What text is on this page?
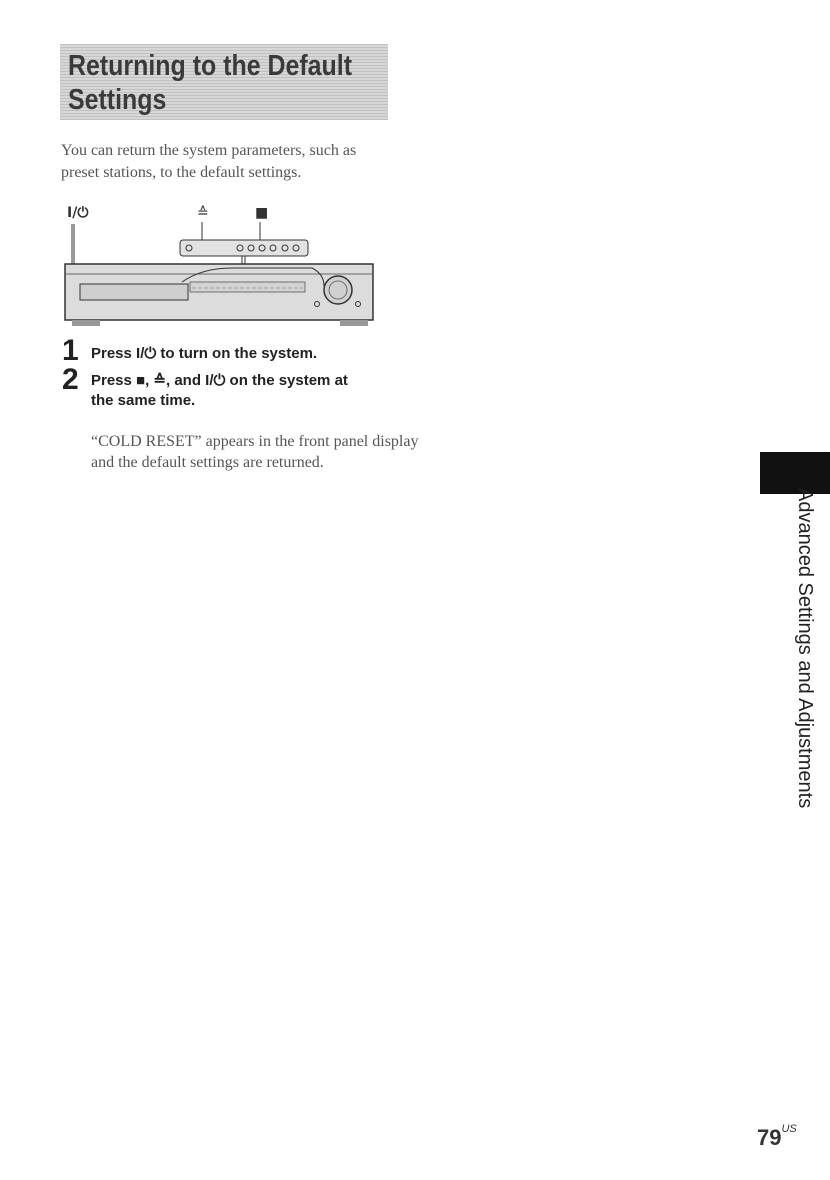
Returning to the Default
Settings
You can return the system parameters, such as preset stations, to the default settings.
I/⏻	≙	■
1 Press I/⏻ to turn on the system.
2 Press ■, ≙, and I/⏻ on the system at
the same time.
“COLD RESET” appears in the front panel display and the default settings are returned.
Advanced Settings and Adjustments
$79^{US}$
